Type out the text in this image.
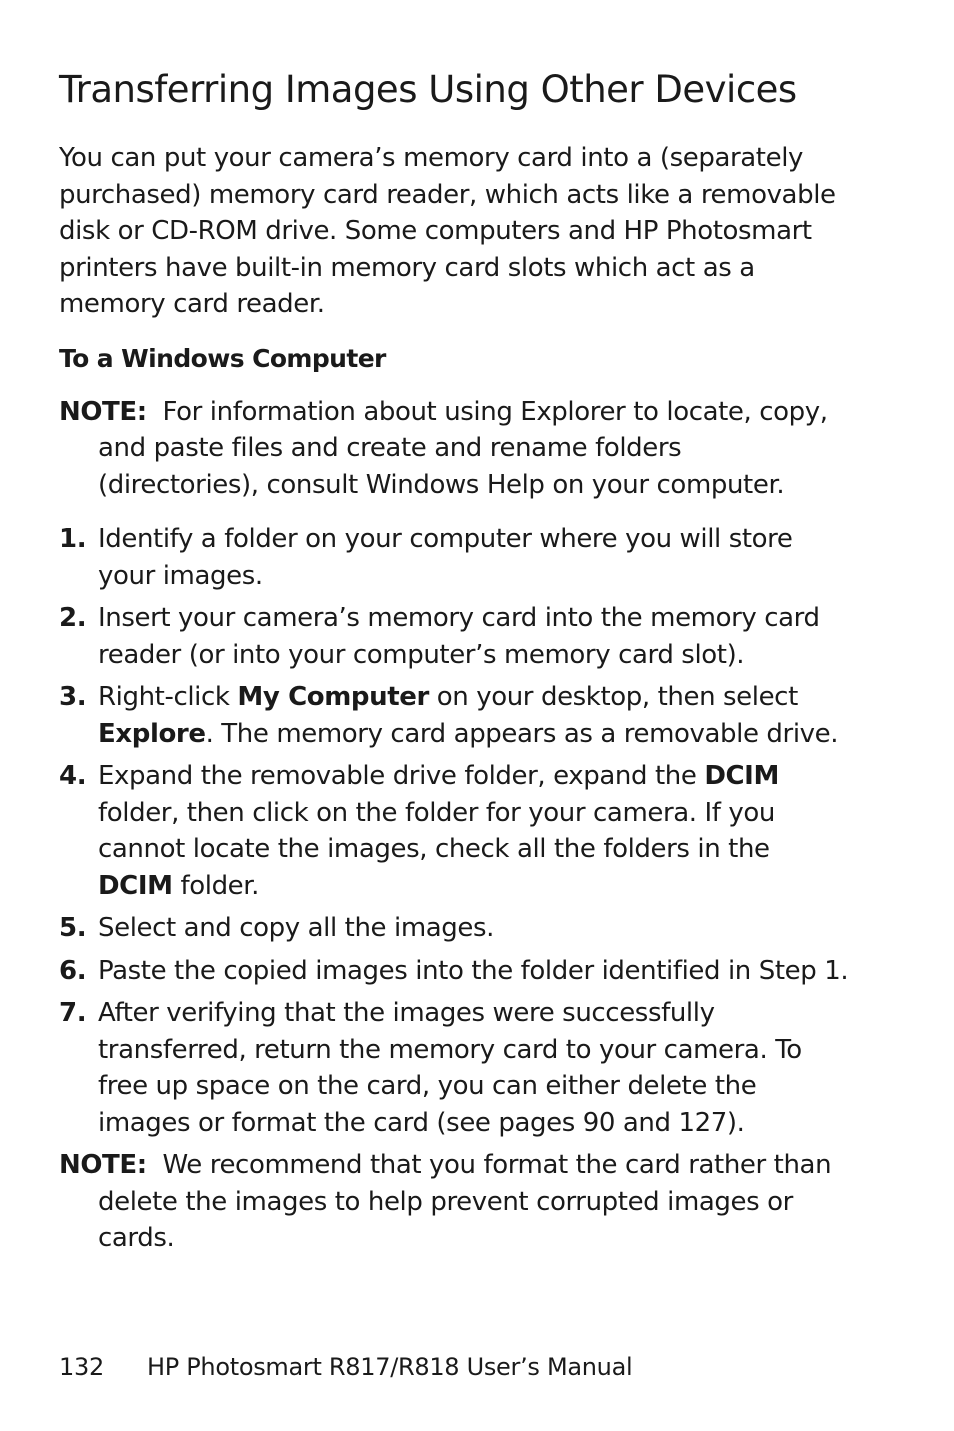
Transferring Images Using Other Devices

You can put your camera’s memory card into a (separately purchased) memory card reader, which acts like a removable disk or CD-ROM drive. Some computers and HP Photosmart printers have built-in memory card slots which act as a memory card reader.

To a Windows Computer

NOTE: For information about using Explorer to locate, copy, and paste files and create and rename folders (directories), consult Windows Help on your computer.

1. Identify a folder on your computer where you will store your images.
2. Insert your camera’s memory card into the memory card reader (or into your computer’s memory card slot).
3. Right-click My Computer on your desktop, then select Explore. The memory card appears as a removable drive.
4. Expand the removable drive folder, expand the DCIM folder, then click on the folder for your camera. If you cannot locate the images, check all the folders in the DCIM folder.
5. Select and copy all the images.
6. Paste the copied images into the folder identified in Step 1.
7. After verifying that the images were successfully transferred, return the memory card to your camera. To free up space on the card, you can either delete the images or format the card (see pages 90 and 127).

NOTE: We recommend that you format the card rather than delete the images to help prevent corrupted images or cards.

132 HP Photosmart R817/R818 User’s Manual
